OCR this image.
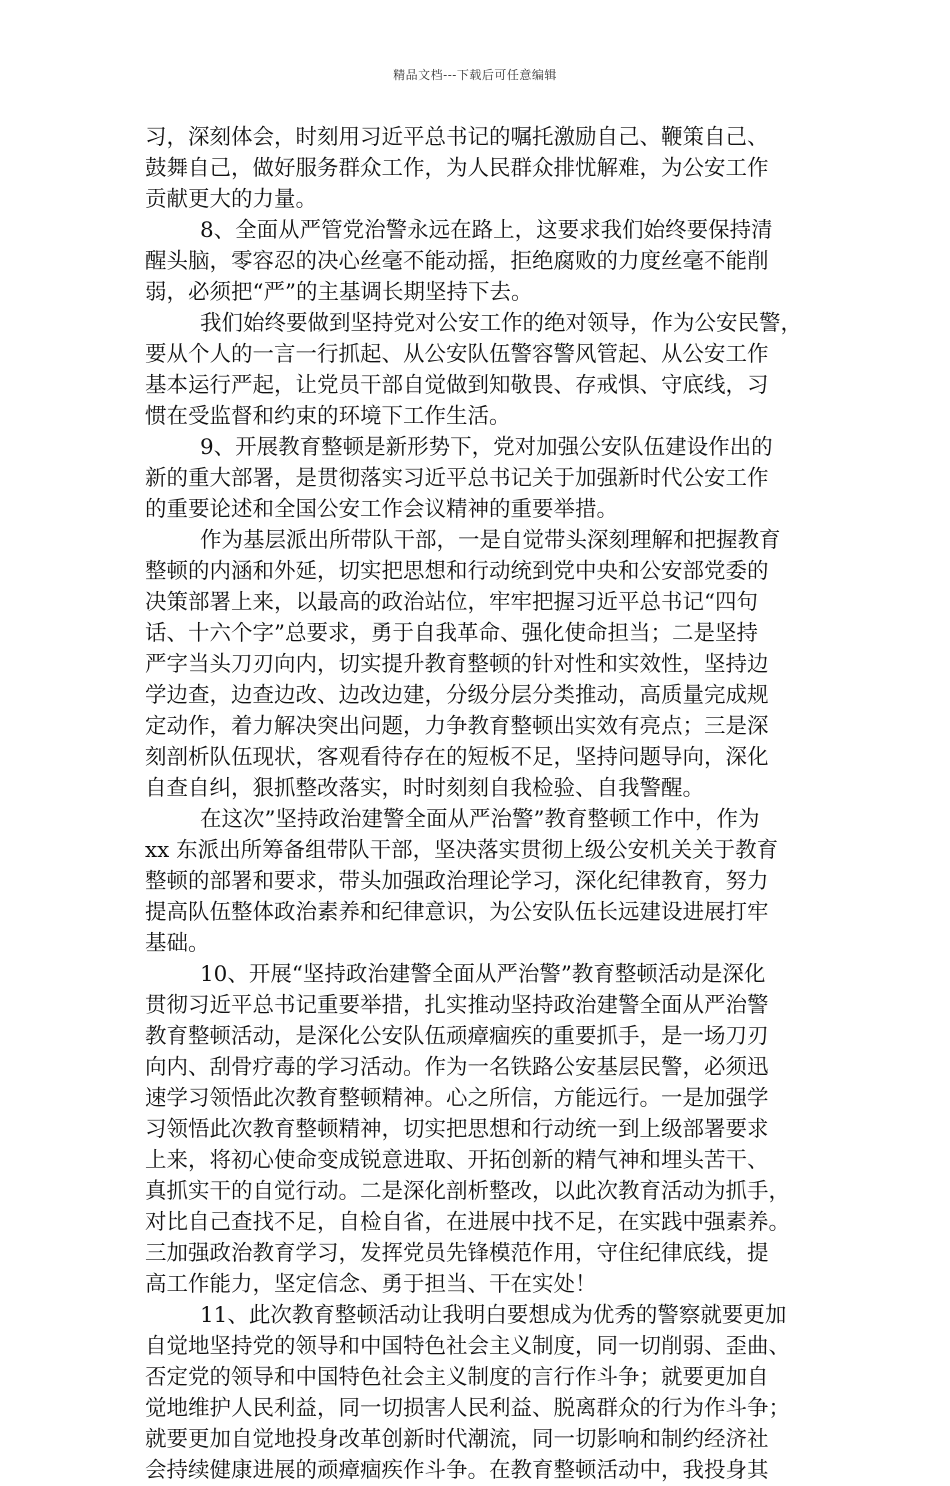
精品文档---下载后可任意编辑
习，深刻体会，时刻用习近平总书记的嘱托激励自己、鞭策自己、
鼓舞自己，做好服务群众工作，为人民群众排忧解难，为公安工作
贡献更大的力量。
8、全面从严管党治警永远在路上，这要求我们始终要保持清
醒头脑，零容忍的决心丝毫不能动摇，拒绝腐败的力度丝毫不能削
弱，必须把“严”的主基调长期坚持下去。
我们始终要做到坚持党对公安工作的绝对领导，作为公安民警，
要从个人的一言一行抓起、从公安队伍警容警风管起、从公安工作
基本运行严起，让党员干部自觉做到知敬畏、存戒惧、守底线，习
惯在受监督和约束的环境下工作生活。
9、开展教育整顿是新形势下，党对加强公安队伍建设作出的
新的重大部署，是贯彻落实习近平总书记关于加强新时代公安工作
的重要论述和全国公安工作会议精神的重要举措。
作为基层派出所带队干部，一是自觉带头深刻理解和把握教育
整顿的内涵和外延，切实把思想和行动统到党中央和公安部党委的
决策部署上来，以最高的政治站位，牢牢把握习近平总书记“四句
话、十六个字”总要求，勇于自我革命、强化使命担当；二是坚持
严字当头刀刃向内，切实提升教育整顿的针对性和实效性，坚持边
学边查，边查边改、边改边建，分级分层分类推动，高质量完成规
定动作，着力解决突出问题，力争教育整顿出实效有亮点；三是深
刻剖析队伍现状，客观看待存在的短板不足，坚持问题导向，深化
自查自纠，狠抓整改落实，时时刻刻自我检验、自我警醒。
在这次”坚持政治建警全面从严治警”教育整顿工作中，作为
xx 东派出所筹备组带队干部，坚决落实贯彻上级公安机关关于教育
整顿的部署和要求，带头加强政治理论学习，深化纪律教育，努力
提高队伍整体政治素养和纪律意识，为公安队伍长远建设进展打牢
基础。
10、开展“坚持政治建警全面从严治警”教育整顿活动是深化
贯彻习近平总书记重要举措，扎实推动坚持政治建警全面从严治警
教育整顿活动，是深化公安队伍顽瘴痼疾的重要抓手，是一场刀刃
向内、刮骨疗毒的学习活动。作为一名铁路公安基层民警，必须迅
速学习领悟此次教育整顿精神。心之所信，方能远行。一是加强学
习领悟此次教育整顿精神，切实把思想和行动统一到上级部署要求
上来，将初心使命变成锐意进取、开拓创新的精气神和埋头苦干、
真抓实干的自觉行动。二是深化剖析整改，以此次教育活动为抓手，
对比自己查找不足，自检自省，在进展中找不足，在实践中强素养。
三加强政治教育学习，发挥党员先锋模范作用，守住纪律底线，提
高工作能力，坚定信念、勇于担当、干在实处！
11、此次教育整顿活动让我明白要想成为优秀的警察就要更加
自觉地坚持党的领导和中国特色社会主义制度，同一切削弱、歪曲、
否定党的领导和中国特色社会主义制度的言行作斗争；就要更加自
觉地维护人民利益，同一切损害人民利益、脱离群众的行为作斗争；
就要更加自觉地投身改革创新时代潮流，同一切影响和制约经济社
会持续健康进展的顽瘴痼疾作斗争。在教育整顿活动中，我投身其
